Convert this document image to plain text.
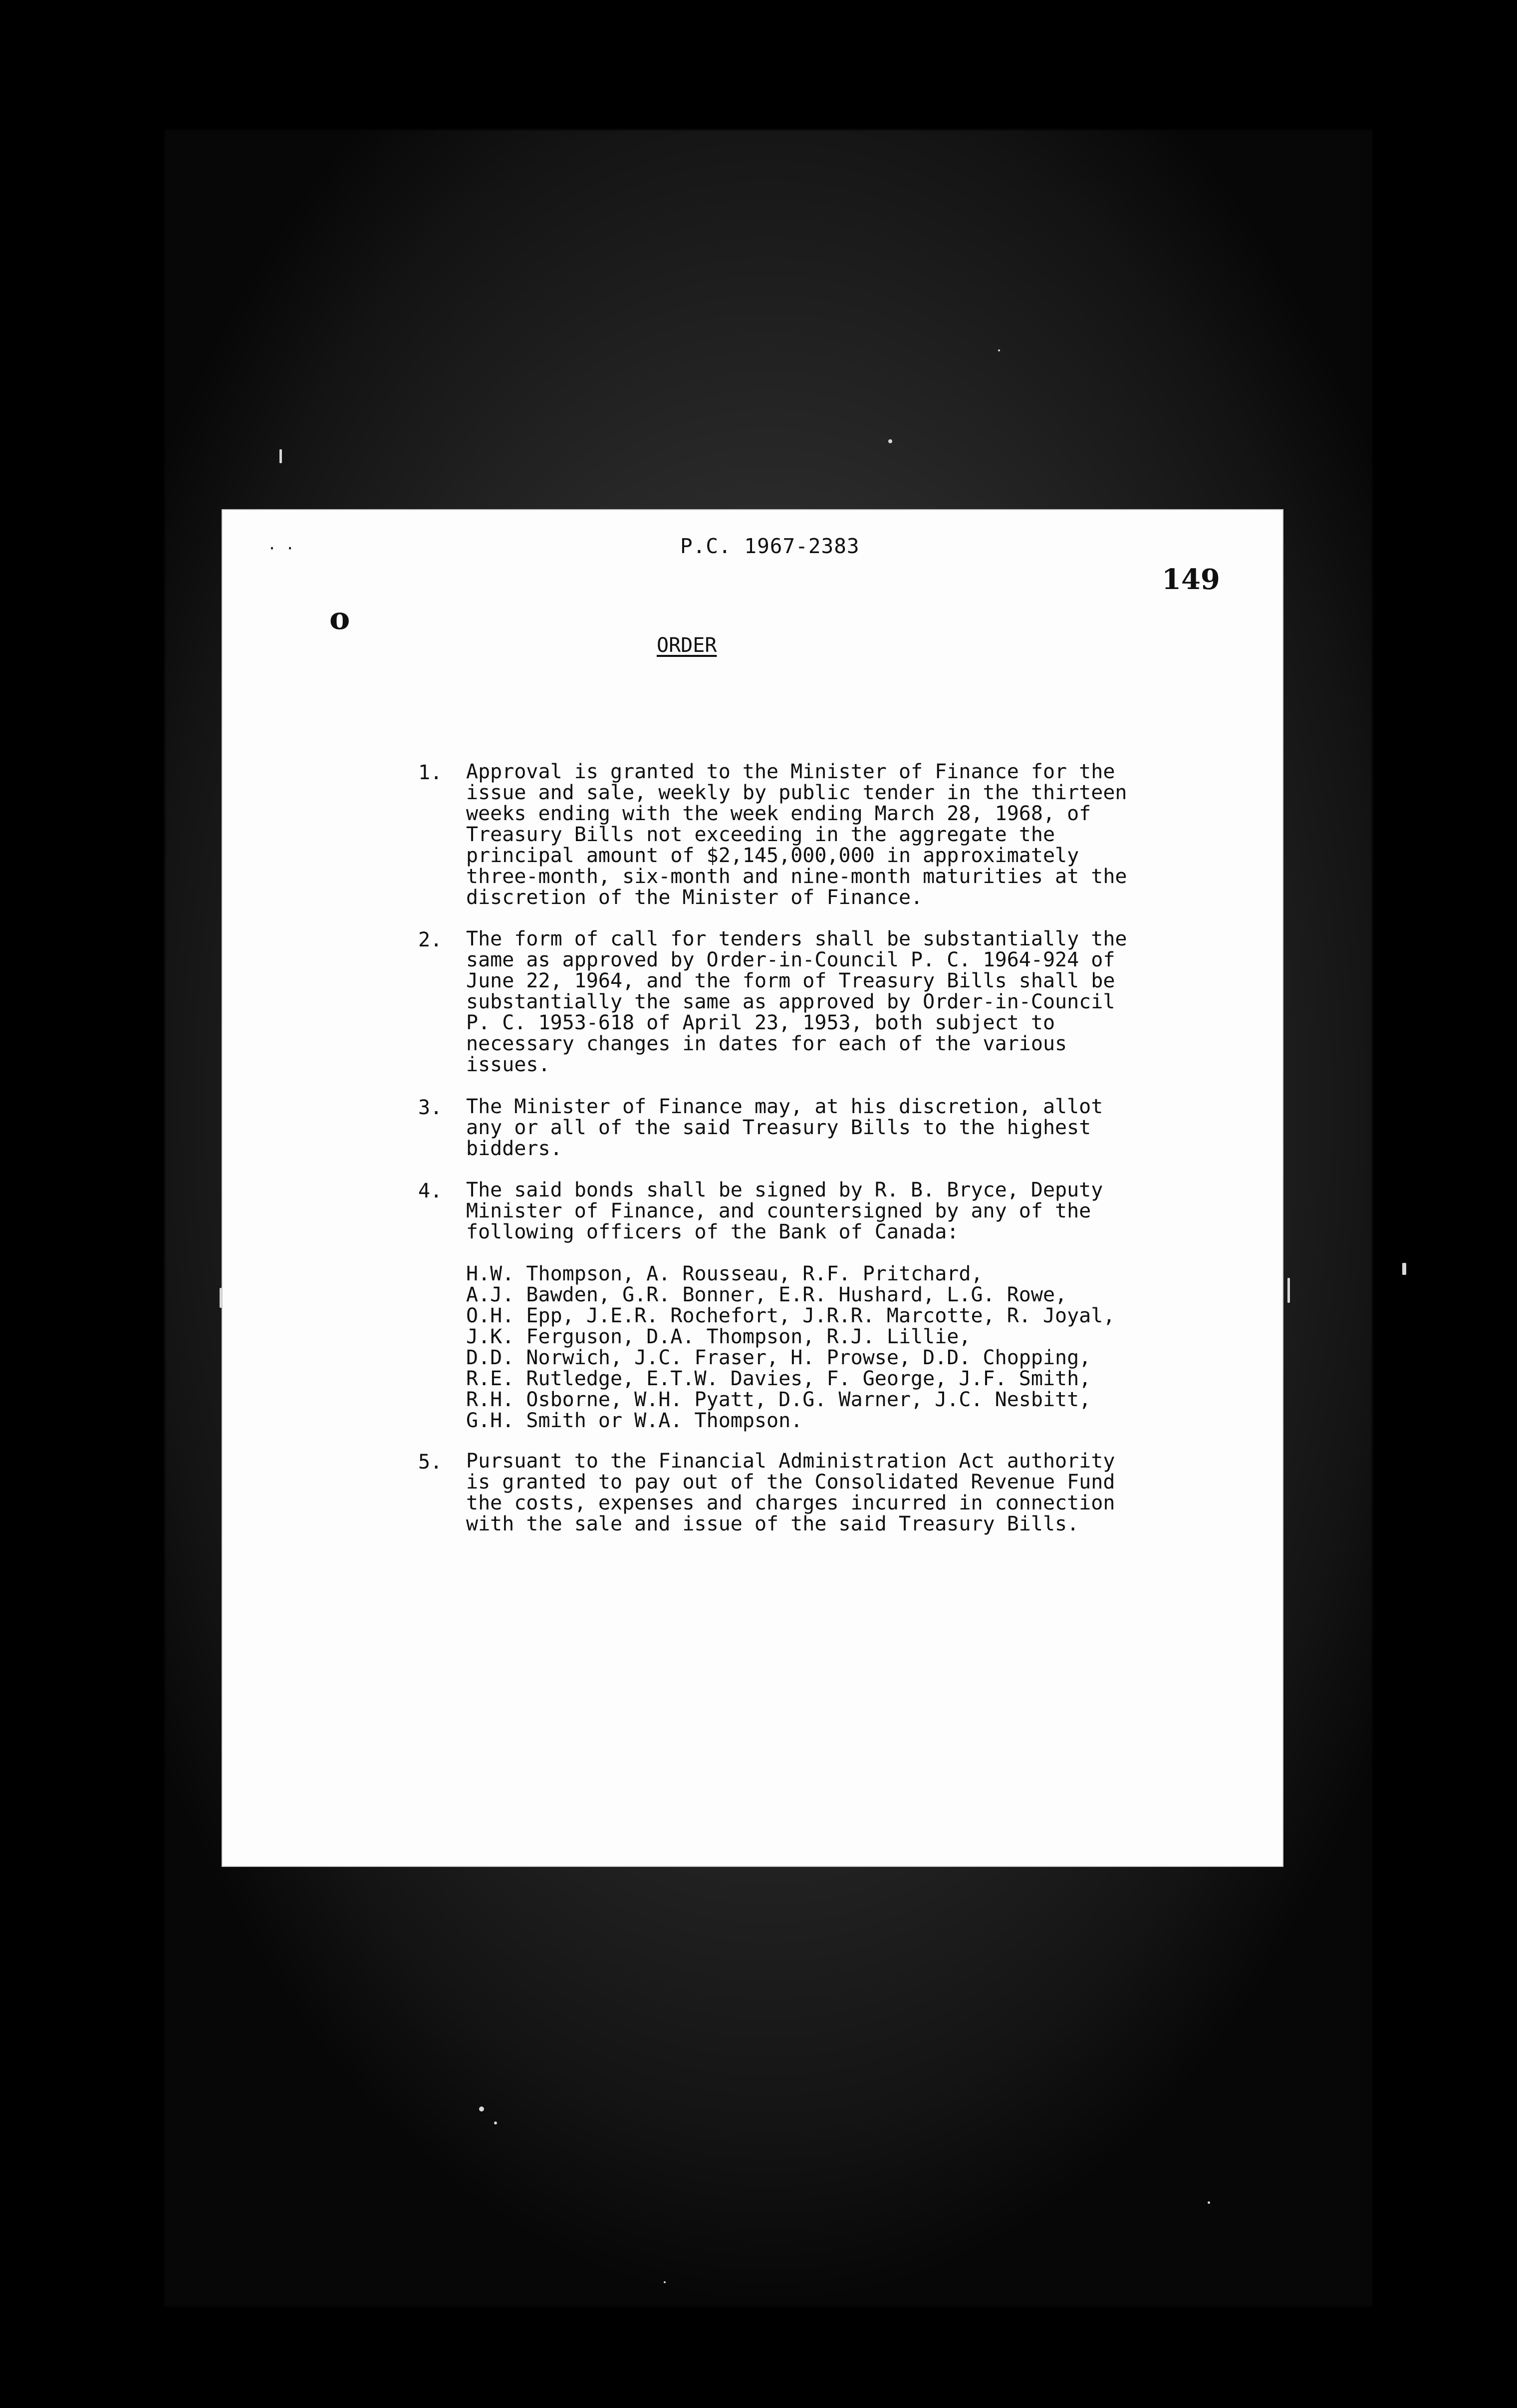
· ·	P.C. 1967-2383
149
o
ORDER
1. Approval is granted to the Minister of Finance for the
issue and sale, weekly by public tender in the thirteen
weeks ending with the week ending March 28, 1968, of
Treasury Bills not exceeding in the aggregate the
principal amount of $2,145,000,000 in approximately
three-month, six-month and nine-month maturities at the
discretion of the Minister of Finance.
2. The form of call for tenders shall be substantially the
same as approved by Order-in-Council P. C. 1964-924 of
June 22, 1964, and the form of Treasury Bills shall be
substantially the same as approved by Order-in-Council
P. C. 1953-618 of April 23, 1953, both subject to
necessary changes in dates for each of the various
issues.
3. The Minister of Finance may, at his discretion, allot
any or all of the said Treasury Bills to the highest
bidders.
4. The said bonds shall be signed by R. B. Bryce, Deputy
Minister of Finance, and countersigned by any of the
following officers of the Bank of Canada:
H.W. Thompson, A. Rousseau, R.F. Pritchard,
A.J. Bawden, G.R. Bonner, E.R. Hushard, L.G. Rowe,
O.H. Epp, J.E.R. Rochefort, J.R.R. Marcotte, R. Joyal,
J.K. Ferguson, D.A. Thompson, R.J. Lillie,
D.D. Norwich, J.C. Fraser, H. Prowse, D.D. Chopping,
R.E. Rutledge, E.T.W. Davies, F. George, J.F. Smith,
R.H. Osborne, W.H. Pyatt, D.G. Warner, J.C. Nesbitt,
G.H. Smith or W.A. Thompson.
5. Pursuant to the Financial Administration Act authority
is granted to pay out of the Consolidated Revenue Fund
the costs, expenses and charges incurred in connection
with the sale and issue of the said Treasury Bills.
